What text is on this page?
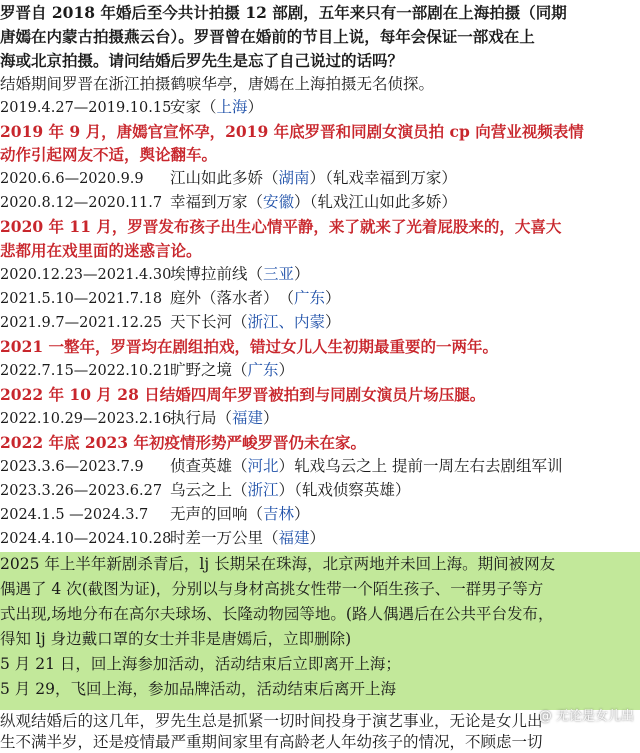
罗晋自 2018 年婚后至今共计拍摄 12 部剧，五年来只有一部剧在上海拍摄（同期
唐嫣在内蒙古拍摄燕云台）。罗晋曾在婚前的节目上说，每年会保证一部戏在上
海或北京拍摄。请问结婚后罗先生是忘了自己说过的话吗？
结婚期间罗晋在浙江拍摄鹤唳华亭，唐嫣在上海拍摄无名侦探。
2019.4.27—2019.10.15安家（上海）
2019 年 9 月，唐嫣官宣怀孕，2019 年底罗晋和同剧女演员拍 cp 向营业视频表情
动作引起网友不适，舆论翻车。
2020.6.6—2020.9.9 江山如此多娇（湖南）（轧戏幸福到万家）
2020.8.12—2020.11.7 幸福到万家（安徽）（轧戏江山如此多娇）
2020 年 11 月，罗晋发布孩子出生心情平静，来了就来了光着屁股来的，大喜大
悲都用在戏里面的迷惑言论。
2020.12.23—2021.4.30埃博拉前线（三亚）
2021.5.10—2021.7.18 庭外（落水者）（广东）
2021.9.7—2021.12.25 天下长河（浙江、内蒙）
2021 一整年，罗晋均在剧组拍戏，错过女儿人生初期最重要的一两年。
2022.7.15—2022.10.21旷野之境（广东）
2022 年 10 月 28 日结婚四周年罗晋被拍到与同剧女演员片场压腿。
2022.10.29—2023.2.16执行局（福建）
2022 年底 2023 年初疫情形势严峻罗晋仍未在家。
2023.3.6—2023.7.9 侦查英雄（河北）轧戏乌云之上 提前一周左右去剧组军训
2023.3.26—2023.6.27 乌云之上（浙江）（轧戏侦察英雄）
2024.1.5 —2024.3.7 无声的回响（吉林）
2024.4.10—2024.10.28时差一万公里（福建）
2025 年上半年新剧杀青后，lj 长期呆在珠海，北京两地并未回上海。期间被网友
偶遇了 4 次(截图为证)，分别以与身材高挑女性带一个陌生孩子、一群男子等方
式出现,场地分布在高尔夫球场、长隆动物园等地。(路人偶遇后在公共平台发布，
得知 lj 身边戴口罩的女士并非是唐嫣后，立即删除)
5 月 21 日，回上海参加活动，活动结束后立即离开上海；
5 月 29，飞回上海，参加品牌活动，活动结束后离开上海
纵观结婚后的这几年，罗先生总是抓紧一切时间投身于演艺事业，无论是女儿出
生不满半岁，还是疫情最严重期间家里有高龄老人年幼孩子的情况，不顾虑一切
@ 无论是女儿出
